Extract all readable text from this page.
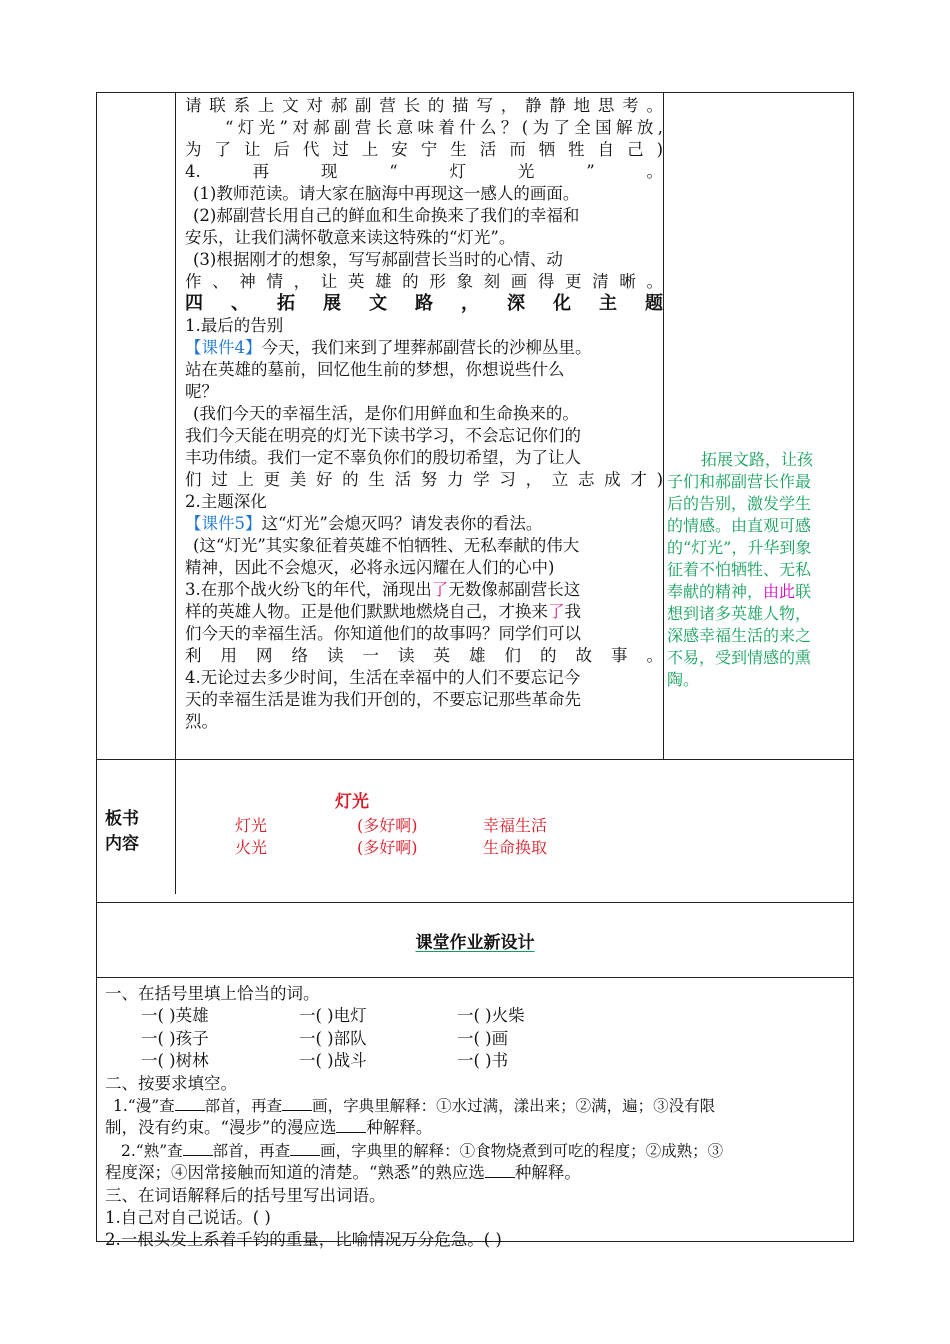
请联系上文对郝副营长的描写，静静地思考。
“灯光”对郝副营长意味着什么？(为了全国解放,
为了让后代过上安宁生活而牺牲自己)
4.再现“灯光”。
(1)教师范读。请大家在脑海中再现这一感人的画面。
(2)郝副营长用自己的鲜血和生命换来了我们的幸福和
安乐，让我们满怀敬意来读这特殊的“灯光”。
(3)根据刚才的想象，写写郝副营长当时的心情、动
作、神情，让英雄的形象刻画得更清晰。
四、拓展文路，深化主题
1.最后的告别
【课件4】今天，我们来到了埋葬郝副营长的沙柳丛里。
站在英雄的墓前，回忆他生前的梦想，你想说些什么
呢？
(我们今天的幸福生活，是你们用鲜血和生命换来的。
我们今天能在明亮的灯光下读书学习，不会忘记你们的
丰功伟绩。我们一定不辜负你们的殷切希望，为了让人
们过上更美好的生活努力学习，立志成才)
2.主题深化
【课件5】这“灯光”会熄灭吗？请发表你的看法。
(这“灯光”其实象征着英雄不怕牺牲、无私奉献的伟大
精神，因此不会熄灭，必将永远闪耀在人们的心中)
3.在那个战火纷飞的年代，涌现出了无数像郝副营长这
样的英雄人物。正是他们默默地燃烧自己，才换来了我
们今天的幸福生活。你知道他们的故事吗？同学们可以
利用网络读一读英雄们的故事。
4.无论过去多少时间，生活在幸福中的人们不要忘记今
天的幸福生活是谁为我们开创的，不要忘记那些革命先
烈。
拓展文路，让孩
子们和郝副营长作最
后的告别，激发学生
的情感。由直观可感
的“灯光”，升华到象
征着不怕牺牲、无私
奉献的精神，由此联
想到诸多英雄人物，
深感幸福生活的来之
不易，受到情感的熏
陶。
板书
内容
灯光
灯光	(多好啊)	幸福生活
火光	(多好啊)	生命换取
课堂作业新设计
一、在括号里填上恰当的词。
一( )英雄	一( )电灯	一( )火柴
一( )孩子	一( )部队	一( )画
一( )树林	一( )战斗	一( )书
二、按要求填空。
1.“漫”查 部首，再查 画，字典里解释：①水过满，漾出来；②满，遍；③没有限
制，没有约束。“漫步”的漫应选 种解释。
2.“熟”查 部首，再查 画，字典里的解释：①食物烧煮到可吃的程度；②成熟；③
程度深；④因常接触而知道的清楚。“熟悉”的熟应选 种解释。
三、在词语解释后的括号里写出词语。
1.自己对自己说话。( )
2.一根头发上系着千钧的重量，比喻情况万分危急。( )
